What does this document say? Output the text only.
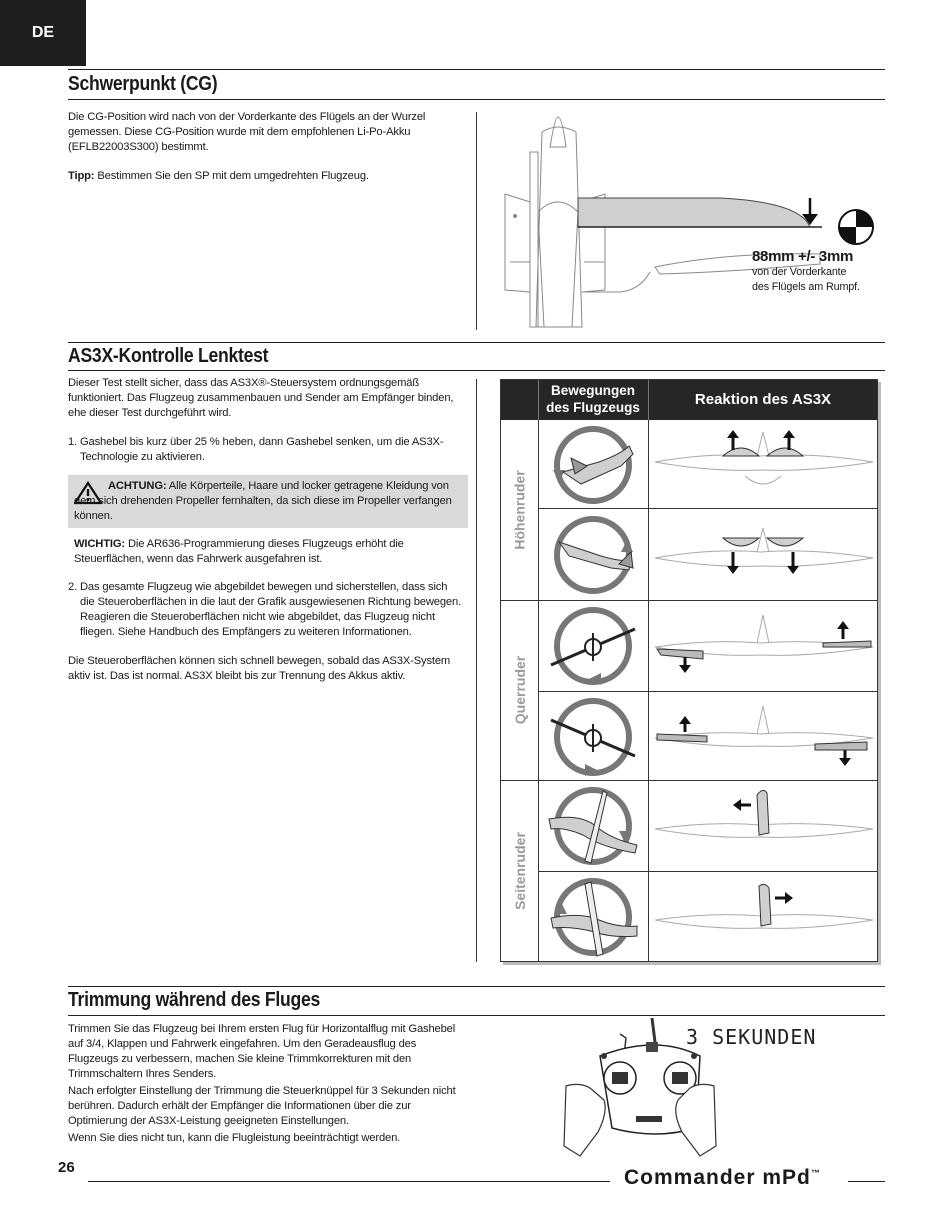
DE
Schwerpunkt (CG)
Die CG-Position wird nach von der Vorderkante des Flügels an der Wurzel gemessen. Diese CG-Position wurde mit dem empfohlenen Li-Po-Akku (EFLB22003S300) bestimmt.
Tipp: Bestimmen Sie den SP mit dem umgedrehten Flugzeug.
88mm +/- 3mm
von der Vorderkante
des Flügels am Rumpf.
AS3X-Kontrolle Lenktest
Dieser Test stellt sicher, dass das AS3X®-Steuersystem ordnungsgemäß funktioniert. Das Flugzeug zusammenbauen und Sender am Empfänger binden, ehe dieser Test durchgeführt wird.
1. Gashebel bis kurz über 25 % heben, dann Gashebel senken, um die AS3X-
Technologie zu aktivieren.
ACHTUNG: Alle Körperteile, Haare und locker getragene Kleidung von dem sich drehenden Propeller fernhalten, da sich diese im Propeller verfangen können.
WICHTIG: Die AR636-Programmierung dieses Flugzeugs erhöht die Steuerflächen, wenn das Fahrwerk ausgefahren ist.
2. Das gesamte Flugzeug wie abgebildet bewegen und sicherstellen, dass sich
die Steueroberflächen in die laut der Grafik ausgewiesenen Richtung bewegen. Reagieren die Steueroberflächen nicht wie abgebildet, das Flugzeug nicht fliegen. Siehe Handbuch des Empfängers zu weiteren Informationen.
Die Steueroberflächen können sich schnell bewegen, sobald das AS3X-System aktiv ist. Das ist normal. AS3X bleibt bis zur Trennung des Akkus aktiv.
Bewegungen
des Flugzeugs	Reaktion des AS3X
Höhenruder
Querruder
Seitenruder
Trimmung während des Fluges
Trimmen Sie das Flugzeug bei Ihrem ersten Flug für Horizontalflug mit Gashebel auf 3/4, Klappen und Fahrwerk eingefahren. Um den Geradeausflug des Flugzeugs zu verbessern, machen Sie kleine Trimmkorrekturen mit den Trimmschaltern Ihres Senders.
Nach erfolgter Einstellung der Trimmung die Steuerknüppel für 3 Sekunden nicht berühren. Dadurch erhält der Empfänger die Informationen über die zur Optimierung der AS3X-Leistung geeigneten Einstellungen.
Wenn Sie dies nicht tun, kann die Flugleistung beeinträchtigt werden.
3 SEKUNDEN
26	Commander mPd™
